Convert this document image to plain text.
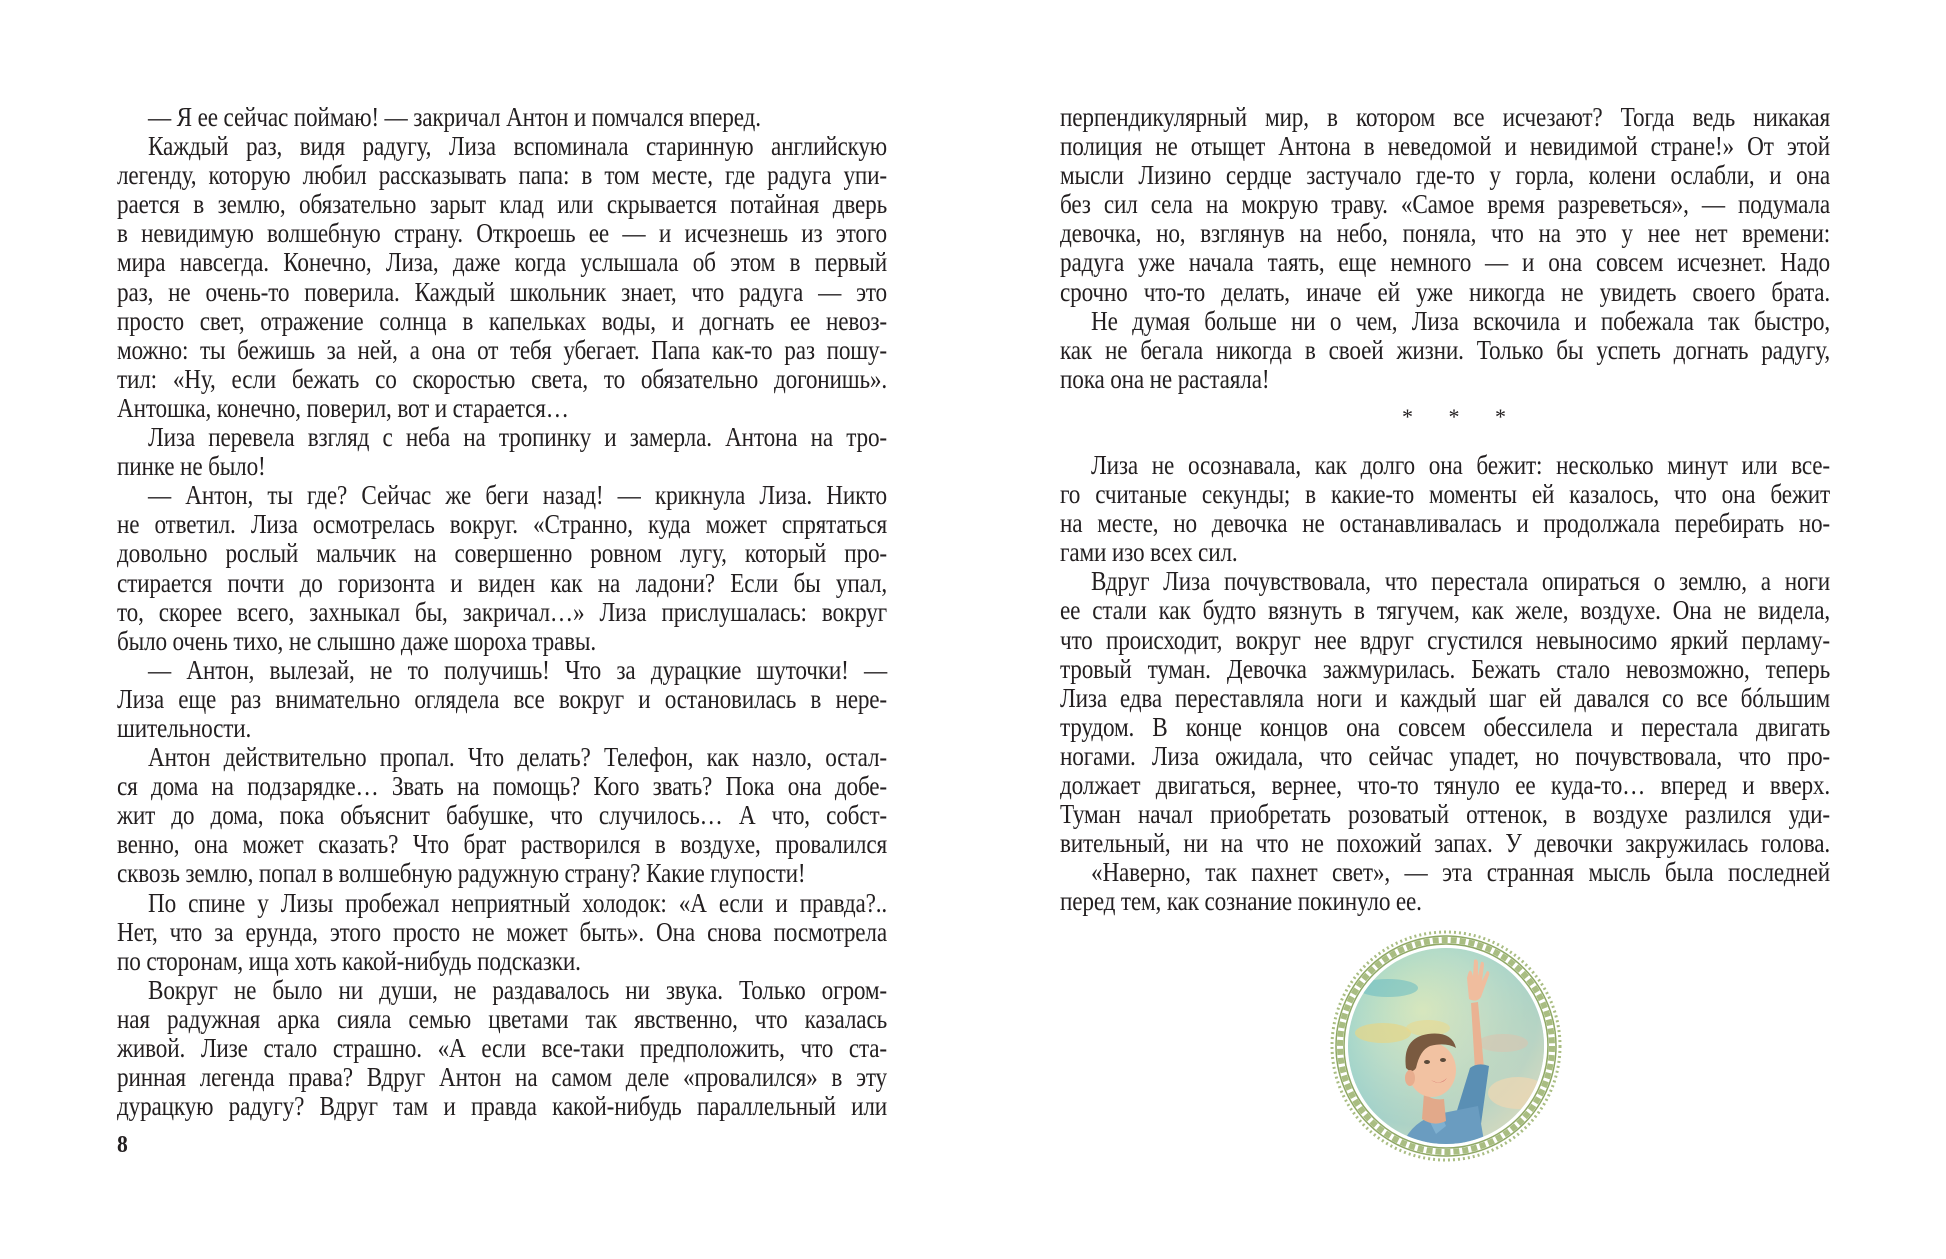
— Я ее сейчас поймаю! — закричал Антон и помчался вперед.
Каждый раз, видя радугу, Лиза вспоминала старинную английскую
легенду, которую любил рассказывать папа: в том месте, где радуга упи-
рается в землю, обязательно зарыт клад или скрывается потайная дверь
в невидимую волшебную страну. Откроешь ее — и исчезнешь из этого
мира навсегда. Конечно, Лиза, даже когда услышала об этом в первый
раз, не очень-то поверила. Каждый школьник знает, что радуга — это
просто свет, отражение солнца в капельках воды, и догнать ее невоз-
можно: ты бежишь за ней, а она от тебя убегает. Папа как-то раз пошу-
тил: «Ну, если бежать со скоростью света, то обязательно догонишь».
Антошка, конечно, поверил, вот и старается…
Лиза перевела взгляд с неба на тропинку и замерла. Антона на тро-
пинке не было!
— Антон, ты где? Сейчас же беги назад! — крикнула Лиза. Никто
не ответил. Лиза осмотрелась вокруг. «Странно, куда может спрятаться
довольно рослый мальчик на совершенно ровном лугу, который про-
стирается почти до горизонта и виден как на ладони? Если бы упал,
то, скорее всего, захныкал бы, закричал…» Лиза прислушалась: вокруг
было очень тихо, не слышно даже шороха травы.
— Антон, вылезай, не то получишь! Что за дурацкие шуточки! —
Лиза еще раз внимательно оглядела все вокруг и остановилась в нере-
шительности.
Антон действительно пропал. Что делать? Телефон, как назло, остал-
ся дома на подзарядке… Звать на помощь? Кого звать? Пока она добе-
жит до дома, пока объяснит бабушке, что случилось… А что, собст-
венно, она может сказать? Что брат растворился в воздухе, провалился
сквозь землю, попал в волшебную радужную страну? Какие глупости!
По спине у Лизы пробежал неприятный холодок: «А если и правда?..
Нет, что за ерунда, этого просто не может быть». Она снова посмотрела
по сторонам, ища хоть какой-нибудь подсказки.
Вокруг не было ни души, не раздавалось ни звука. Только огром-
ная радужная арка сияла семью цветами так явственно, что казалась
живой. Лизе стало страшно. «А если все-таки предположить, что ста-
ринная легенда права? Вдруг Антон на самом деле «провалился» в эту
дурацкую радугу? Вдруг там и правда какой-нибудь параллельный или
8
перпендикулярный мир, в котором все исчезают? Тогда ведь никакая
полиция не отыщет Антона в неведомой и невидимой стране!» От этой
мысли Лизино сердце застучало где-то у горла, колени ослабли, и она
без сил села на мокрую траву. «Самое время разреветься», — подумала
девочка, но, взглянув на небо, поняла, что на это у нее нет времени:
радуга уже начала таять, еще немного — и она совсем исчезнет. Надо
срочно что-то делать, иначе ей уже никогда не увидеть своего брата.
Не думая больше ни о чем, Лиза вскочила и побежала так быстро,
как не бегала никогда в своей жизни. Только бы успеть догнать радугу,
пока она не растаяла!
* * *
Лиза не осознавала, как долго она бежит: несколько минут или все-
го считаные секунды; в какие-то моменты ей казалось, что она бежит
на месте, но девочка не останавливалась и продолжала перебирать но-
гами изо всех сил.
Вдруг Лиза почувствовала, что перестала опираться о землю, а ноги
ее стали как будто вязнуть в тягучем, как желе, воздухе. Она не видела,
что происходит, вокруг нее вдруг сгустился невыносимо яркий перламу-
тровый туман. Девочка зажмурилась. Бежать стало невозможно, теперь
Лиза едва переставляла ноги и каждый шаг ей давался со все бóльшим
трудом. В конце концов она совсем обессилела и перестала двигать
ногами. Лиза ожидала, что сейчас упадет, но почувствовала, что про-
должает двигаться, вернее, что-то тянуло ее куда-то… вперед и вверх.
Туман начал приобретать розоватый оттенок, в воздухе разлился уди-
вительный, ни на что не похожий запах. У девочки закружилась голова.
«Наверно, так пахнет свет», — эта странная мысль была последней
перед тем, как сознание покинуло ее.
